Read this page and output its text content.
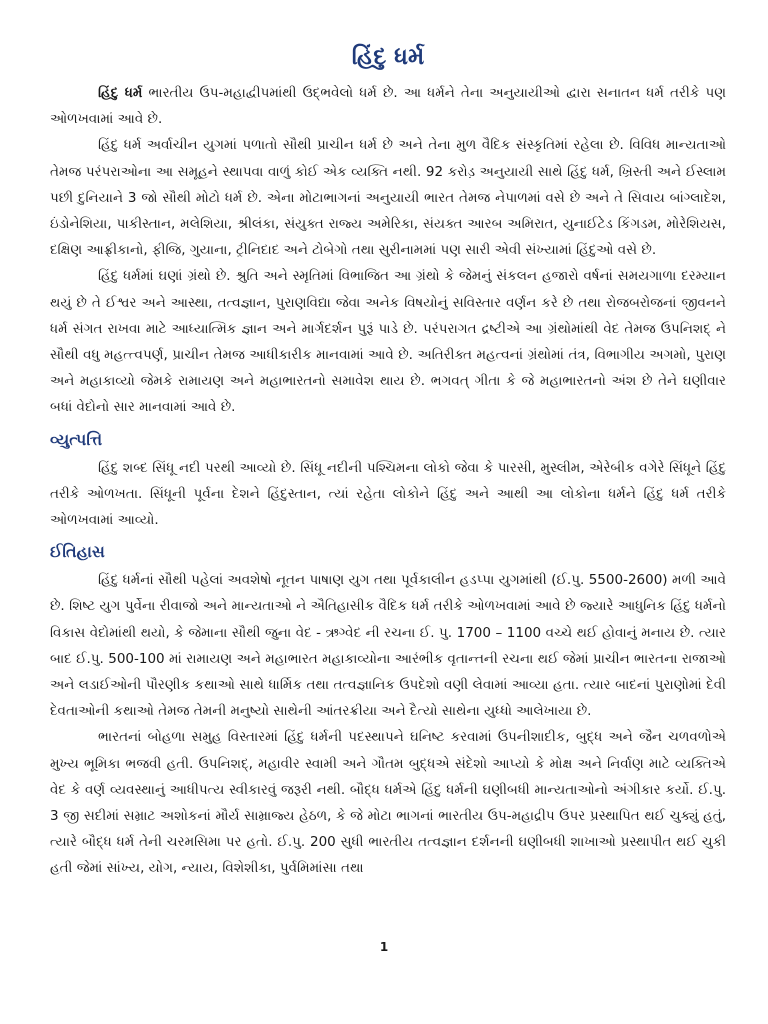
હિંદુ ધર્મ

હિંદુ ધર્મ ભારતીય ઉપ-મહાદ્વીપમાંથી ઉદ્ભવેલો ધર્મ છે. આ ધર્મને તેના અનુયાયીઓ દ્વારા સનાતન ધર્મ તરીકે પણ ઓળખવામાં આવે છે.

હિંદુ ધર્મ અર્વાચીન યુગમાં પળાતો સૌથી પ્રાચીન ધર્મ છે અને તેના મુળ વૈદિક સંસ્કૃતિમાં રહેલા છે. વિવિધ માન્યતાઓ તેમજ પરંપરાઓના આ સમૂહને સ્થાપવા વાળું કોઈ એક વ્યક્તિ નથી. 92 કરોડ઼ અનુયાયી સાથે હિંદુ ધર્મ, ખ્રિસ્તી અને ઈસ્લામ પછી દુનિયાને 3 જો સૌથી મોટો ધર્મ છે. એના મોટાભાગનાં અનુયાયી ભારત તેમજ નેપાળમાં વસે છે અને તે સિવાય બાંગ્લાદેશ, ઇંડોનેશિયા, પાકીસ્તાન, મલેશિયા, શ્રીલંકા, સંયુક્ત રાજ્ય અમેરિકા, સંયક્ત આરબ અમિરાત, યુનાઈટેડ કિંગડમ, મોરેશિયસ, દક્ષિણ આફ્રીકાનો, ફીજિ, ગુયાના, ટ્રીનિદાદ અને ટોબેગો તથા સુરીનામમાં પણ સારી એવી સંખ્યામાં હિંદુઓ વસે છે.

હિંદુ ધર્મમાં ઘણાં ગ્રંથો છે. શ્રુતિ અને સ્મૃતિમાં વિભાજિત આ ગ્રંથો કે જેમનું સંકલન હજારો વર્ષનાં સમયગાળા દરમ્યાન થયું છે તે ઈશ્વર અને આસ્થા, તત્વજ્ઞાન, પુરાણવિદ્યા જેવા અનેક વિષયોનું સવિસ્તાર વર્ણન કરે છે તથા રોજબરોજનાં જીવનને ધર્મ સંગત રાખવા માટે આધ્યાત્મિક જ્ઞાન અને માર્ગદર્શન પુરૂં પાડે છે. પરંપરાગત દ્રષ્ટીએ આ ગ્રંથોમાંથી વેદ તેમજ ઉપનિશદ્ ને સૌથી વધુ મહત્ત્વપર્ણ, પ્રાચીન તેમજ આધીકારીક માનવામાં આવે છે. અતિરીક્ત મહત્વનાં ગ્રંથોમાં તંત્ર, વિભાગીય અગમો, પુરાણ અને મહાકાવ્યો જેમકે રામાયણ અને મહાભારતનો સમાવેશ થાય છે. ભગવત્ ગીતા કે જે મહાભારતનો અંશ છે તેને ઘણીવાર બધાં વેદોનો સાર માનવામાં આવે છે.

વ્યુત્પત્તિ

હિંદુ શબ્દ સિંધૂ નદી પરથી આવ્યો છે. સિંધૂ નદીની પશ્ચિમના લોકો જેવા કે પારસી, મુસ્લીમ, એરેબીક વગેરે સિંધૂને હિંદુ તરીકે ઓળખતા. સિંધૂની પૂર્વના દેશને હિંદુસ્તાન, ત્યાં રહેતા લોકોને હિંદુ અને આથી આ લોકોના ધર્મને હિંદુ ધર્મ તરીકે ઓળખવામાં આવ્યો.

ઈતિહાસ

હિંદુ ધર્મનાં સૌથી પહેલાં અવશેષો નૂતન પાષાણ યુગ તથા પૂર્વકાલીન હડપ્પા યુગમાંથી (ઈ.પુ. 5500-2600) મળી આવે છે. શિષ્ટ યુગ પુર્વેના રીવાજો અને માન્યતાઓ ને ઐતિહાસીક વૈદિક ધર્મ તરીકે ઓળખવામાં આવે છે જ્યારે આધુનિક હિંદુ ધર્મનો વિકાસ વેદોમાંથી થયો, કે જેમાના સૌથી જુના વેદ - ઋગ્વેદ ની રચના ઈ. પુ. 1700 – 1100 વચ્ચે થઈ હોવાનું મનાય છે. ત્યાર બાદ ઈ.પુ. 500-100 માં રામાયણ અને મહાભારત મહાકાવ્યોના આરંભીક વૃતાન્તની રચના થઈ જેમાં પ્રાચીન ભારતના રાજાઓ અને લડાઈઓની પૌરણીક કથાઓ સાથે ધાર્મિક તથા તત્વજ્ઞાનિક ઉપદેશો વણી લેવામાં આવ્યા હતા. ત્યાર બાદનાં પુરાણોમાં દેવી દેવતાઓની કથાઓ તેમજ તેમની મનુષ્યો સાથેની આંતરક્રીયા અને દૈત્યો સાથેના યુધ્ધો આલેખાયા છે.

ભારતનાં બોહળા સમુહ વિસ્તારમાં હિંદુ ધર્મની પદસ્થાપને ઘનિષ્ટ કરવામાં ઉપનીશાદીક, બુદ્ધ અને જૈન ચળવળોએ મુખ્ય ભૂમિકા ભજવી હતી. ઉપનિશદ્, મહાવીર સ્વામી અને ગૌતમ બુદ્ધએ સંદેશો આપ્યો કે મોક્ષ અને નિર્વાણ માટે વ્યક્તિએ વેદ કે વર્ણ વ્યવસ્થાનું આધીપત્ય સ્વીકારવું જરૂરી નથી. બૌદ્ધ ધર્મએ હિંદુ ધર્મની ઘણીબધી માન્યતાઓનો અંગીકાર કર્યો. ઈ.પુ. 3 જી સદીમાં સમ્રાટ અશોકનાં મૌર્ય સામ્રાજ્ય હેઠળ, કે જે મોટા ભાગનાં ભારતીય ઉપ-મહાદ્રીપ ઉપર પ્રસ્થાપિત થઈ ચુક્યું હતું, ત્યારે બૌદ્ધ ધર્મ તેની ચરમસિમા પર હતો. ઈ.પુ. 200 સુધી ભારતીય તત્વજ્ઞાન દર્શનની ઘણીબધી શાખાઓ પ્રસ્થાપીત થઈ ચુકી હતી જેમાં સાંખ્ય, યોગ, ન્યાય, વિશેશીકા, પુર્વમિમાંસા તથા

1
